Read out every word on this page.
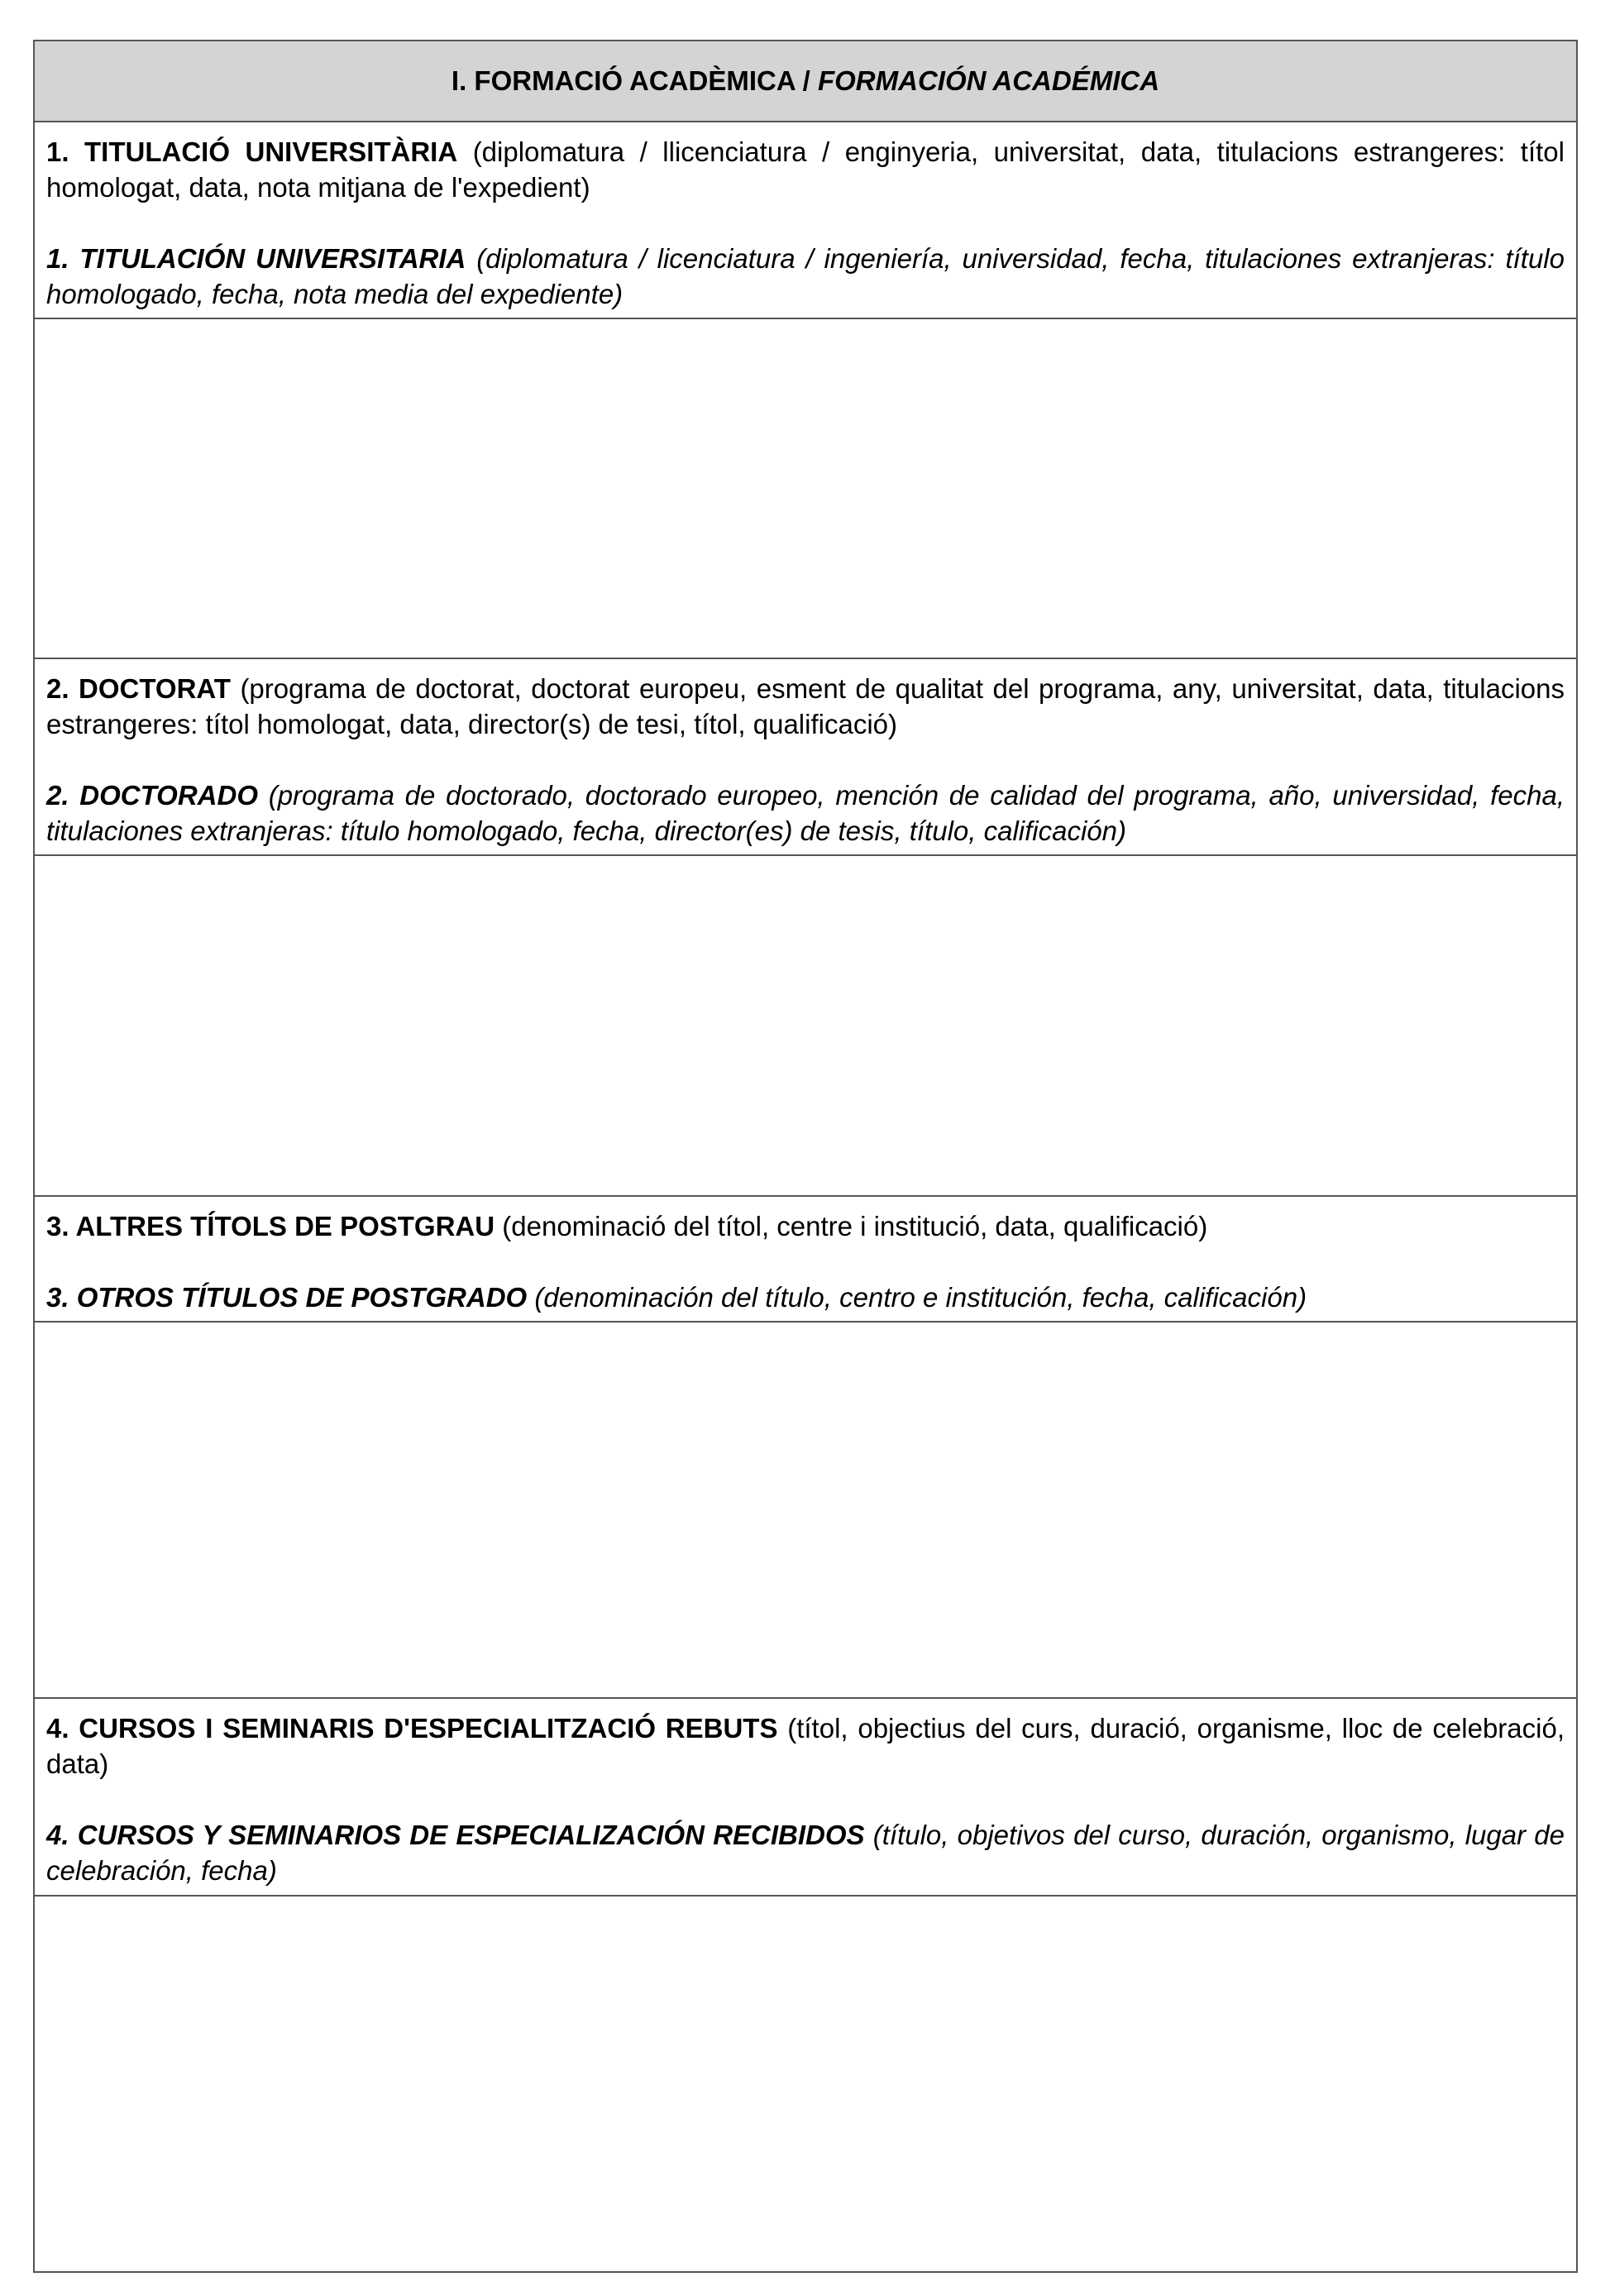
I. FORMACIÓ ACADÈMICA / FORMACIÓN ACADÉMICA

1. TITULACIÓ UNIVERSITÀRIA (diplomatura / llicenciatura / enginyeria, universitat, data, titulacions estrangeres: títol homologat, data, nota mitjana de l'expedient)

1. TITULACIÓN UNIVERSITARIA (diplomatura / licenciatura / ingeniería, universidad, fecha, titulaciones extranjeras: título homologado, fecha, nota media del expediente)

2. DOCTORAT (programa de doctorat, doctorat europeu, esment de qualitat del programa, any, universitat, data, titulacions estrangeres: títol homologat, data, director(s) de tesi, títol, qualificació)

2. DOCTORADO (programa de doctorado, doctorado europeo, mención de calidad del programa, año, universidad, fecha, titulaciones extranjeras: título homologado, fecha, director(es) de tesis, título, calificación)

3. ALTRES TÍTOLS DE POSTGRAU (denominació del títol, centre i institució, data, qualificació)

3. OTROS TÍTULOS DE POSTGRADO (denominación del título, centro e institución, fecha, calificación)

4. CURSOS I SEMINARIS D'ESPECIALITZACIÓ REBUTS (títol, objectius del curs, duració, organisme, lloc de celebració, data)

4. CURSOS Y SEMINARIOS DE ESPECIALIZACIÓN RECIBIDOS (título, objetivos del curso, duración, organismo, lugar de celebración, fecha)
